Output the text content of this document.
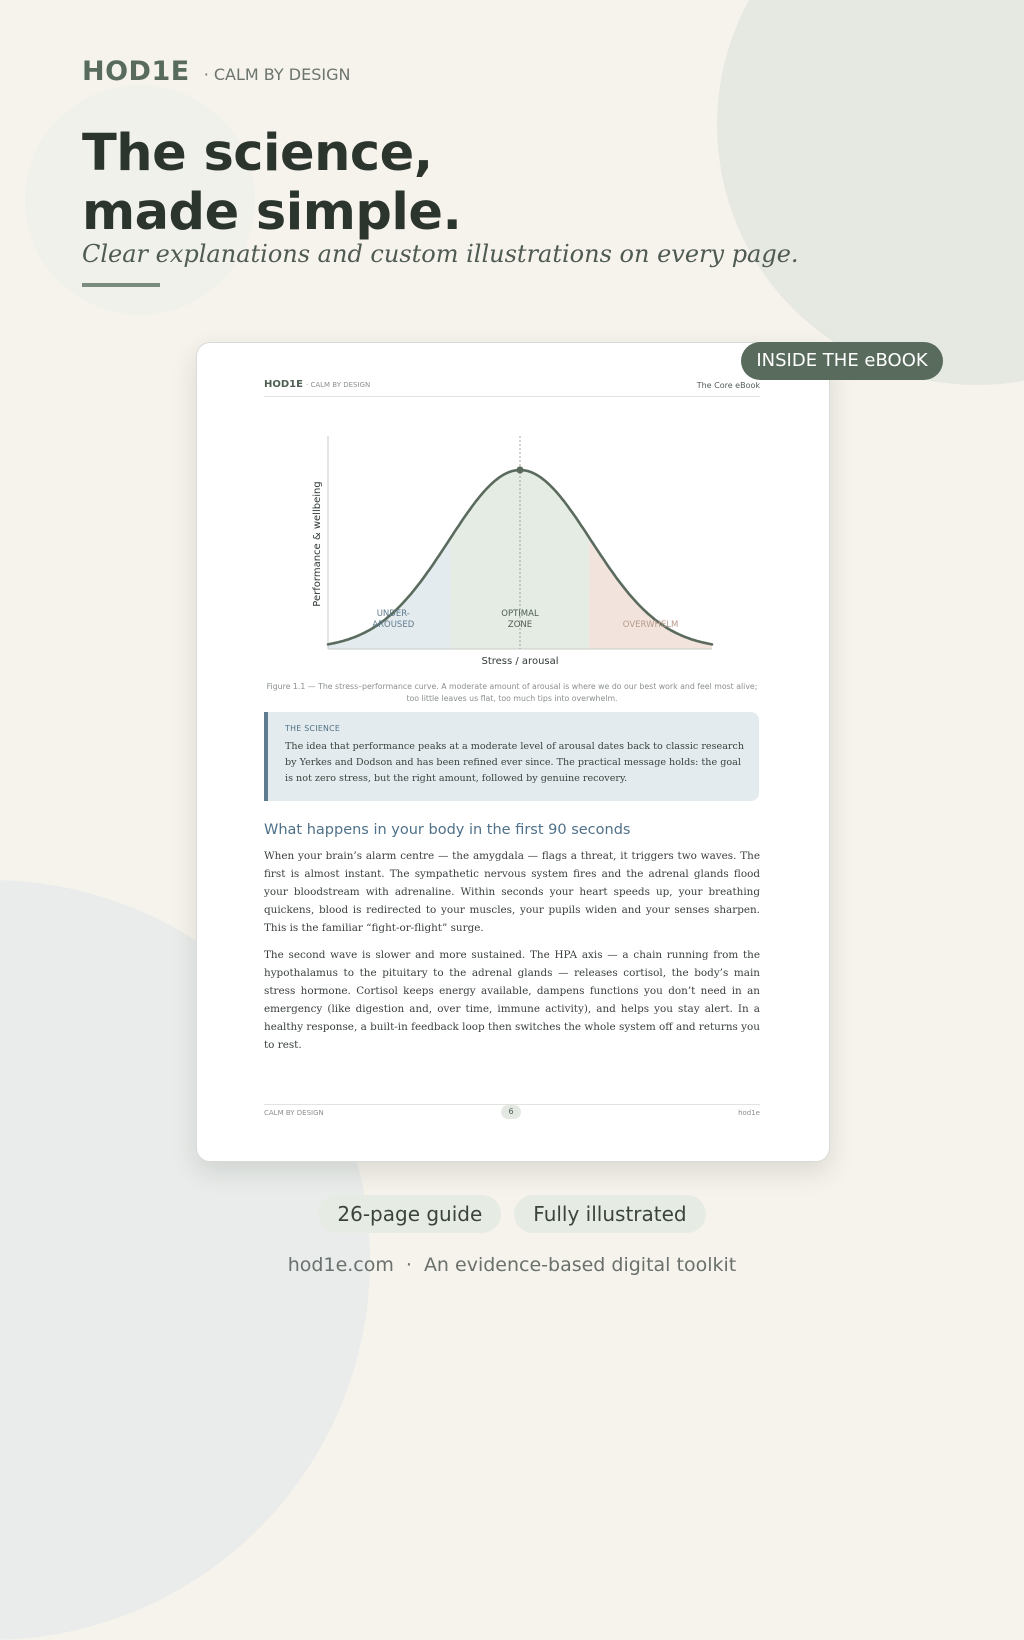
HOD1E · CALM BY DESIGN
The science,
made simple.

Clear explanations and custom illustrations on every page.

INSIDE THE eBOOK
HOD1E · CALM BY DESIGN	The Core eBook
UNDER-
AROUSED
OPTIMAL
ZONE	OVERWHELM
Stress / arousal
Performance & wellbeing

Figure 1.1 — The stress–performance curve. A moderate amount of arousal is where we do our best work and feel most alive; too little leaves us flat, too much tips into overwhelm.

THE SCIENCE

The idea that performance peaks at a moderate level of arousal dates back to classic research by Yerkes and Dodson and has been refined ever since. The practical message holds: the goal is not zero stress, but the right amount, followed by genuine recovery.

What happens in your body in the first 90 seconds

When your brain’s alarm centre — the amygdala — flags a threat, it triggers two waves. The first is almost instant. The sympathetic nervous system fires and the adrenal glands flood your bloodstream with adrenaline. Within seconds your heart speeds up, your breathing quickens, blood is redirected to your muscles, your pupils widen and your senses sharpen. This is the familiar “fight-or-flight” surge.

The second wave is slower and more sustained. The HPA axis — a chain running from the hypothalamus to the pituitary to the adrenal glands — releases cortisol, the body’s main stress hormone. Cortisol keeps energy available, dampens functions you don’t need in an emergency (like digestion and, over time, immune activity), and helps you stay alert. In a healthy response, a built-in feedback loop then switches the whole system off and returns you to rest.

CALM BY DESIGN	6	hod1e
26-page guide	Fully illustrated
hod1e.com · An evidence-based digital toolkit
